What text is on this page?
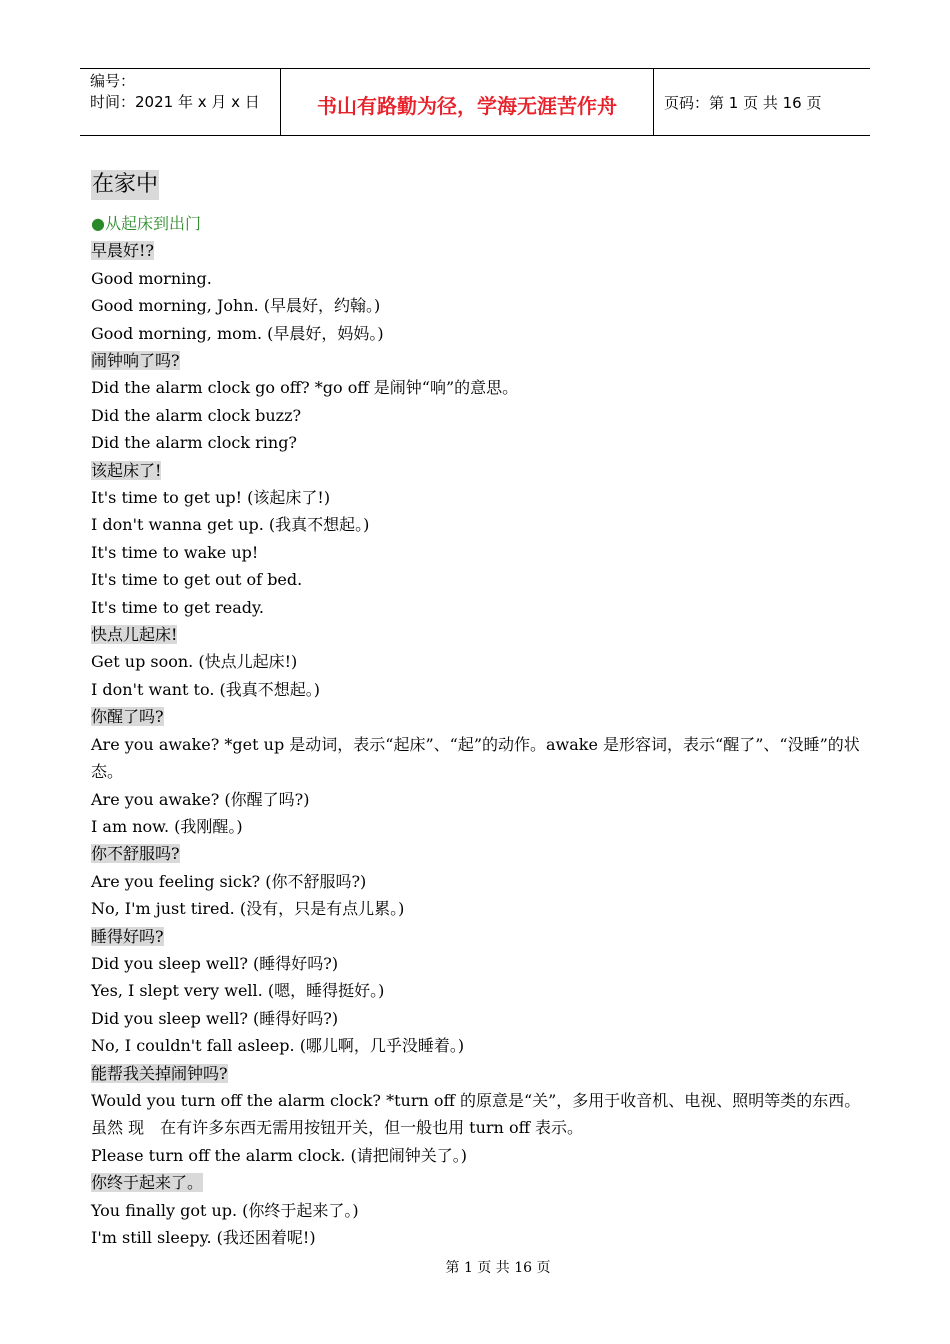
编号：
时间：2021 年 x 月 x 日	书山有路勤为径，学海无涯苦作舟	页码：第 1 页 共 16 页
在家中
●从起床到出门
早晨好!?
Good morning.
Good morning, John. (早晨好，约翰。)
Good morning, mom. (早晨好，妈妈。)
闹钟响了吗?
Did the alarm clock go off? *go off 是闹钟“响”的意思。
Did the alarm clock buzz?
Did the alarm clock ring?
该起床了!
It's time to get up! (该起床了!)
I don't wanna get up. (我真不想起。)
It's time to wake up!
It's time to get out of bed.
It's time to get ready.
快点儿起床!
Get up soon. (快点儿起床!)
I don't want to. (我真不想起。)
你醒了吗?
Are you awake? *get up 是动词，表示“起床”、“起”的动作。awake 是形容词，表示“醒了”、“没睡”的状态。
Are you awake? (你醒了吗?)
I am now. (我刚醒。)
你不舒服吗?
Are you feeling sick? (你不舒服吗?)
No, I'm just tired. (没有，只是有点儿累。)
睡得好吗?
Did you sleep well? (睡得好吗?)
Yes, I slept very well. (嗯，睡得挺好。)
Did you sleep well? (睡得好吗?)
No, I couldn't fall asleep. (哪儿啊，几乎没睡着。)
能帮我关掉闹钟吗?
Would you turn off the alarm clock? *turn off 的原意是“关”，多用于收音机、电视、照明等类的东西。虽然 现　在有许多东西无需用按钮开关，但一般也用 turn off 表示。
Please turn off the alarm clock. (请把闹钟关了。)
你终于起来了。
You finally got up. (你终于起来了。)
I'm still sleepy. (我还困着呢!)
第 1 页 共 16 页
